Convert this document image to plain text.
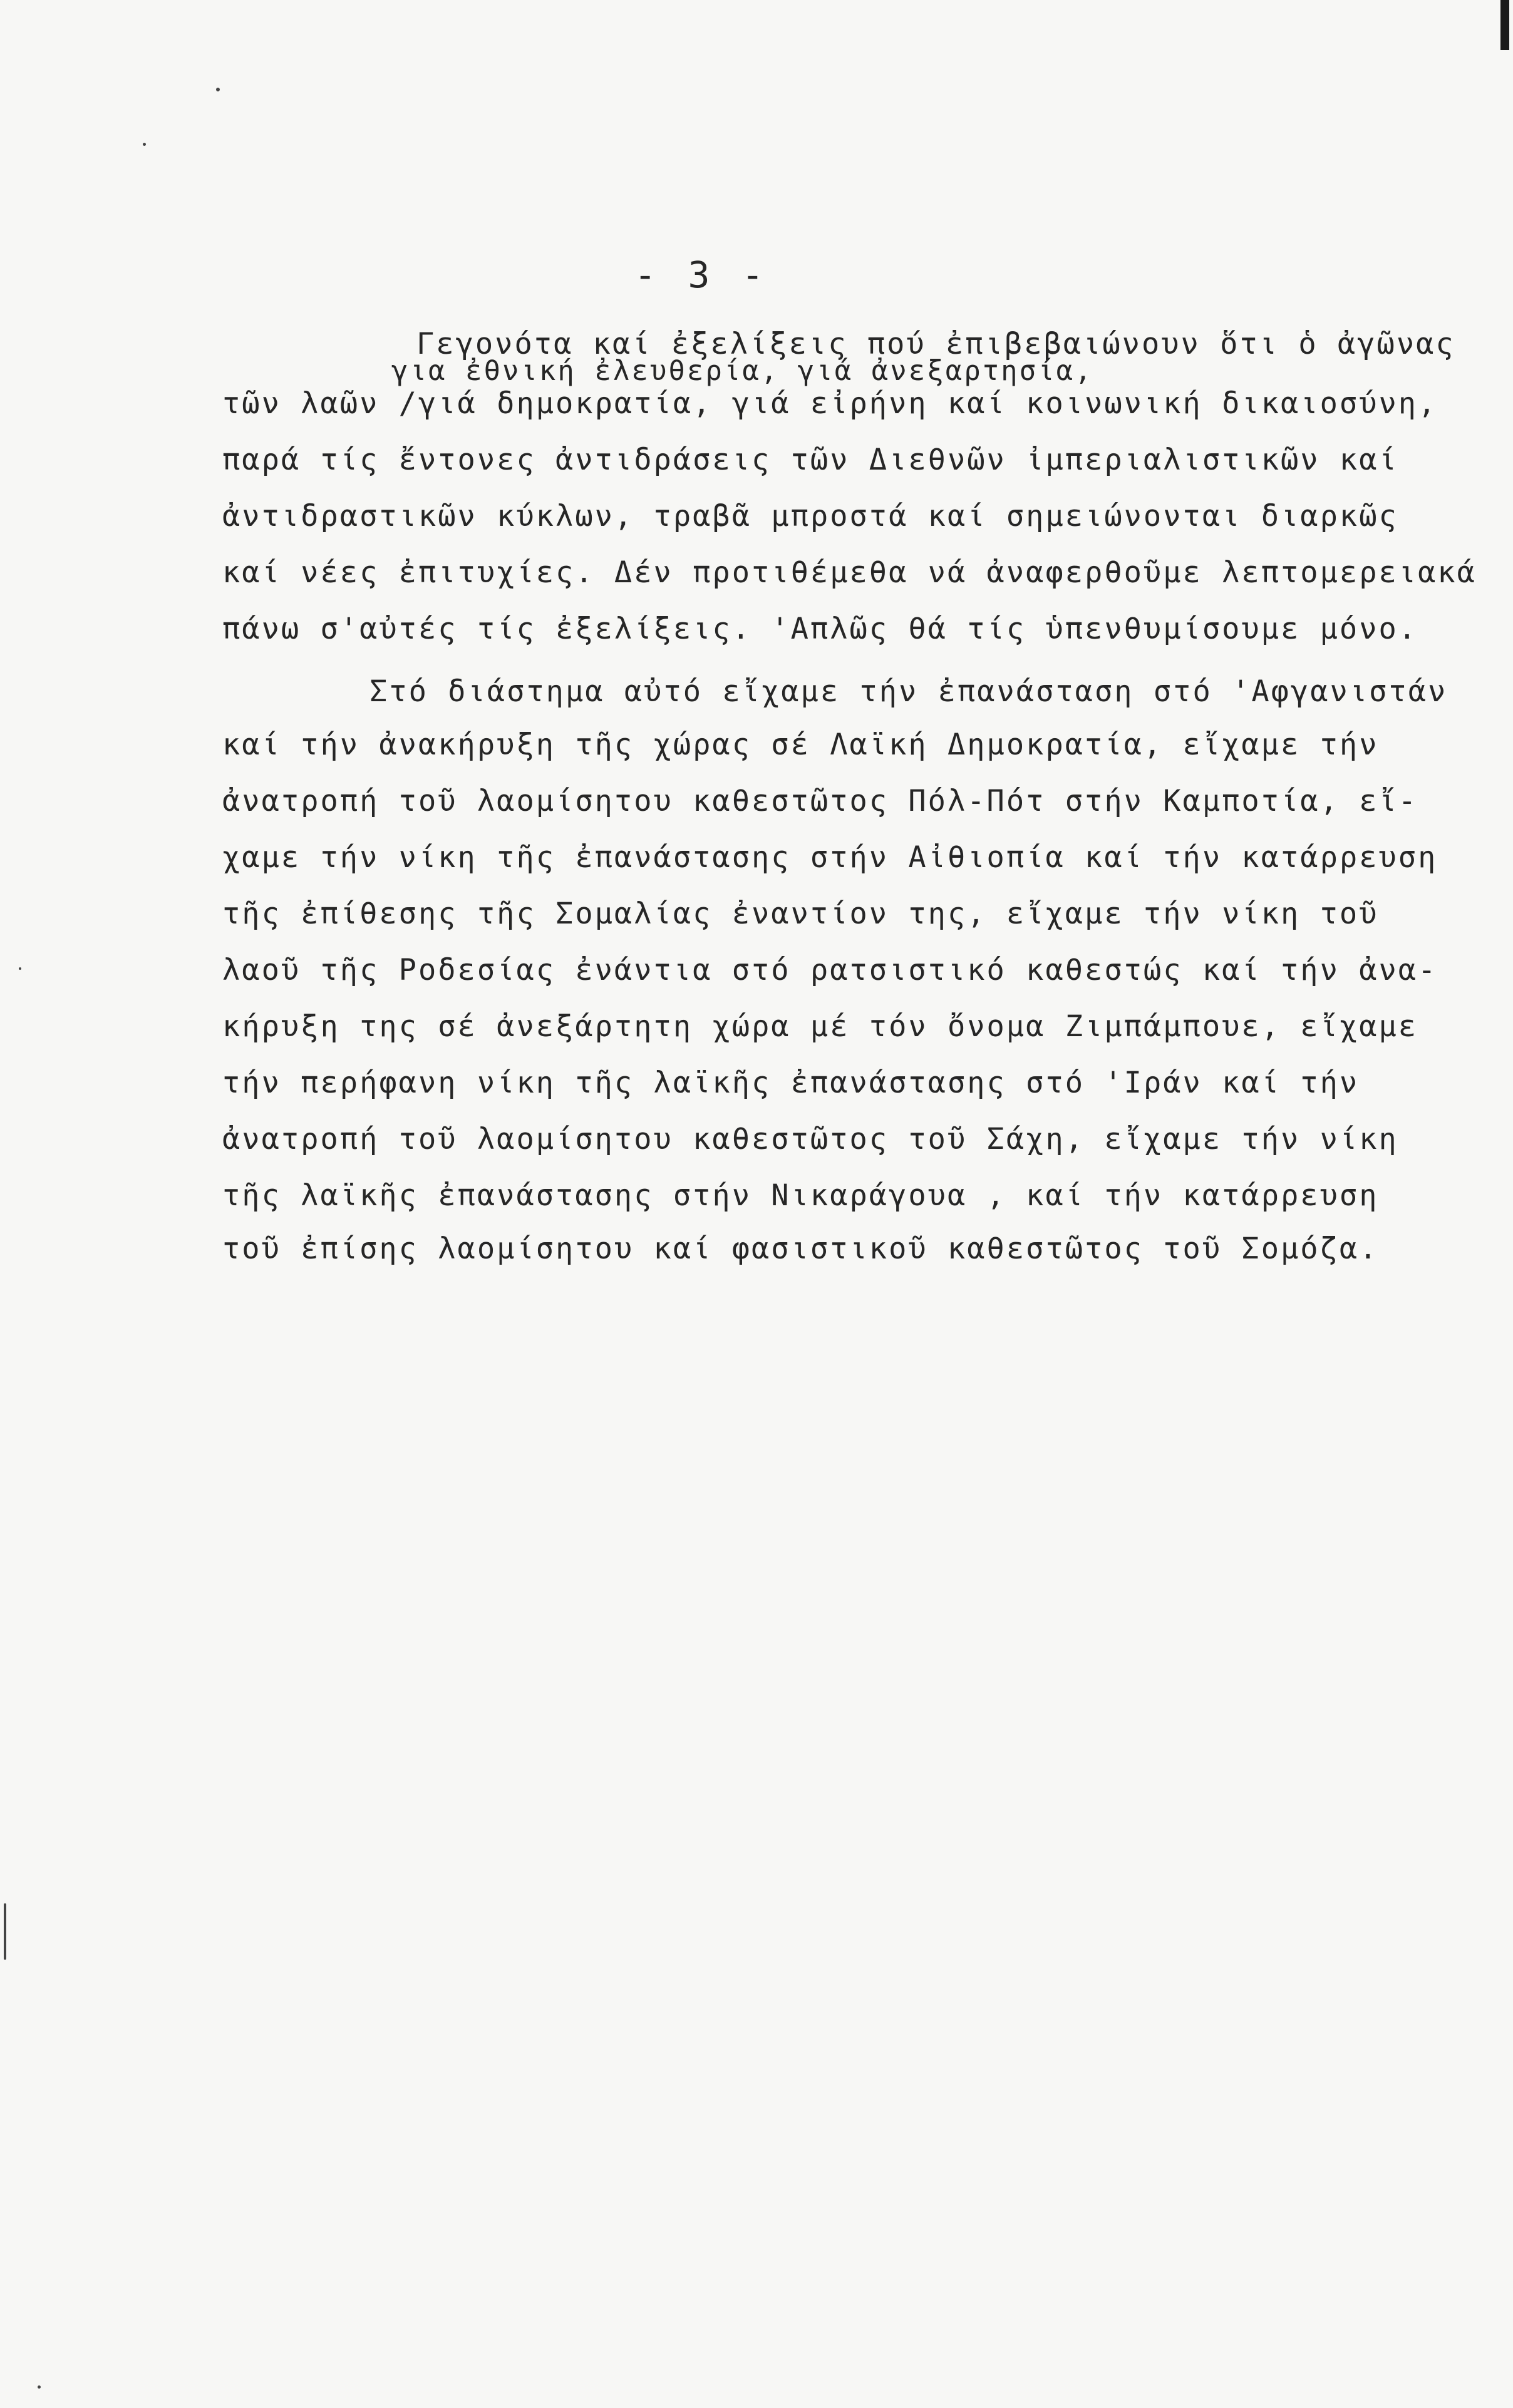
- 3 -
Γεγονότα καί ἐξελίξεις πού ἐπιβεβαιώνουν ὅτι ὁ ἀγῶνας
για ἐθνική ἐλευθερία, γιά ἀνεξαρτησία,
τῶν λαῶν /γιά δημοκρατία, γιά εἰρήνη καί κοινωνική δικαιοσύνη,
παρά τίς ἔντονες ἀντιδράσεις τῶν Διεθνῶν ἰμπεριαλιστικῶν καί
ἀντιδραστικῶν κύκλων, τραβᾶ μπροστά καί σημειώνονται διαρκῶς
καί νέες ἐπιτυχίες. Δέν προτιθέμεθα νά ἀναφερθοῦμε λεπτομερειακά
πάνω σ'αὐτές τίς ἐξελίξεις. 'Απλῶς θά τίς ὑπενθυμίσουμε μόνο.
Στό διάστημα αὐτό εἴχαμε τήν ἐπανάσταση στό 'Αφγανιστάν
καί τήν ἀνακήρυξη τῆς χώρας σέ Λαϊκή Δημοκρατία, εἴχαμε τήν
ἀνατροπή τοῦ λαομίσητου καθεστῶτος Πόλ-Πότ στήν Καμποτία, εἴ-
χαμε τήν νίκη τῆς ἐπανάστασης στήν Αἰθιοπία καί τήν κατάρρευση
τῆς ἐπίθεσης τῆς Σομαλίας ἐναντίον της, εἴχαμε τήν νίκη τοῦ
λαοῦ τῆς Ροδεσίας ἐνάντια στό ρατσιστικό καθεστώς καί τήν ἀνα-
κήρυξη της σέ ἀνεξάρτητη χώρα μέ τόν ὄνομα Ζιμπάμπουε, εἴχαμε
τήν περήφανη νίκη τῆς λαϊκῆς ἐπανάστασης στό 'Ιράν καί τήν
ἀνατροπή τοῦ λαομίσητου καθεστῶτος τοῦ Σάχη, εἴχαμε τήν νίκη
τῆς λαϊκῆς ἐπανάστασης στήν Νικαράγουα , καί τήν κατάρρευση
τοῦ ἐπίσης λαομίσητου καί φασιστικοῦ καθεστῶτος τοῦ Σομόζα.
